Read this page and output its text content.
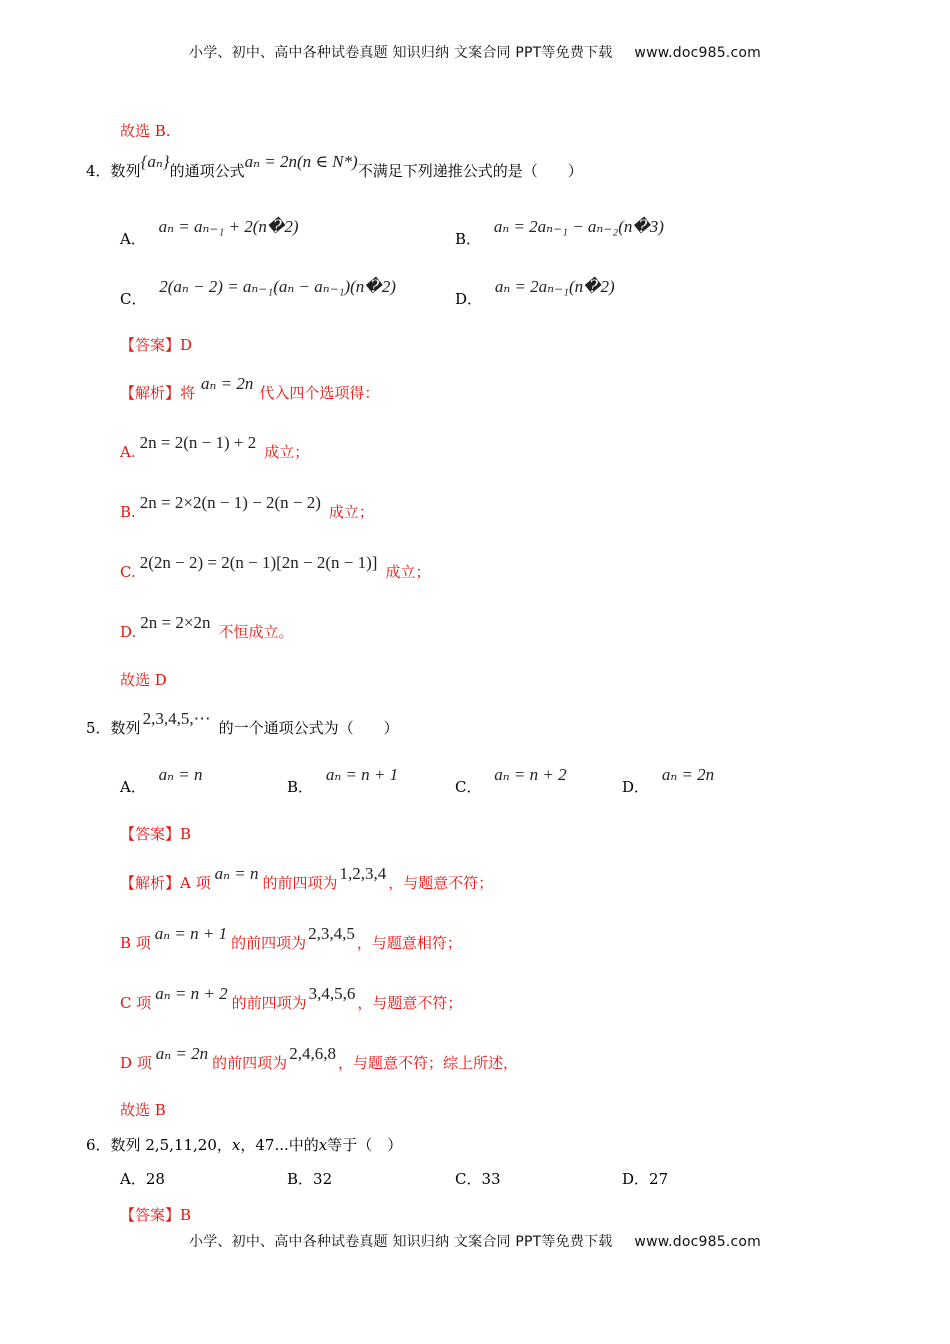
小学、初中、高中各种试卷真题 知识归纳 文案合同 PPT等免费下载 www.doc985.com
故选 B.
4．数列{aₙ}的通项公式aₙ = 2n(n ∈ N*)不满足下列递推公式的是（　　）
A． aₙ = aₙ₋₁ + 2(n�2)
B． aₙ = 2aₙ₋₁ − aₙ₋₂(n�3)
C． 2(aₙ − 2) = aₙ₋₁(aₙ − aₙ₋₁)(n�2)
D． aₙ = 2aₙ₋₁(n�2)
【答案】D
【解析】将 aₙ = 2n 代入四个选项得：
A. 2n = 2(n − 1) + 2 成立；
B. 2n = 2×2(n − 1) − 2(n − 2) 成立；
C. 2(2n − 2) = 2(n − 1)[2n − 2(n − 1)] 成立；
D. 2n = 2×2n 不恒成立。
故选 D
5．数列 2,3,4,5,⋯ 的一个通项公式为（　　）
A． aₙ = n
B． aₙ = n + 1
C． aₙ = n + 2
D． aₙ = 2n
【答案】B
【解析】A 项 aₙ = n 的前四项为 1,2,3,4 ，与题意不符；
B 项 aₙ = n + 1 的前四项为 2,3,4,5 ，与题意相符；
C 项 aₙ = n + 2 的前四项为 3,4,5,6 ，与题意不符；
D 项 aₙ = 2n 的前四项为 2,4,6,8 ，与题意不符；综上所述，
故选 B
6．数列 2,5,11,20，x，47...中的x等于（　）
A．28	B．32	C．33	D．27
【答案】B
小学、初中、高中各种试卷真题 知识归纳 文案合同 PPT等免费下载 www.doc985.com
